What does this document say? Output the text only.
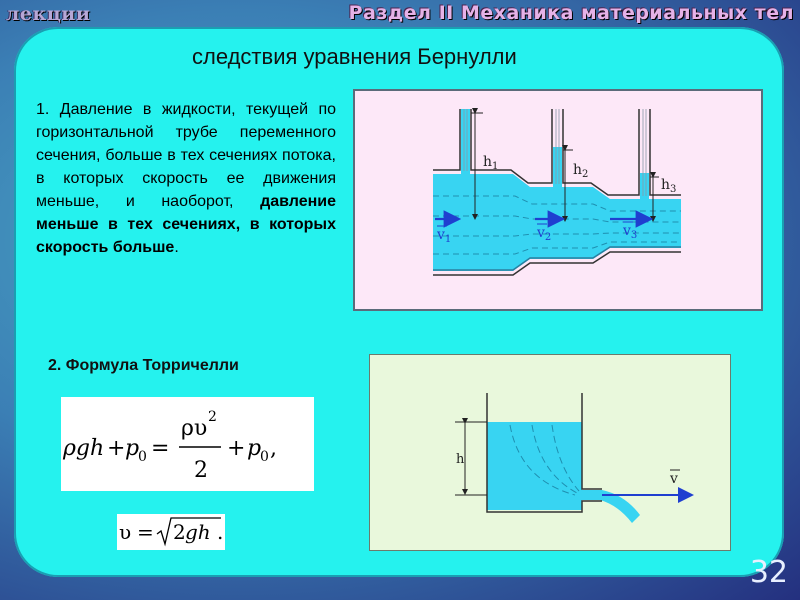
лекции	Раздел II Механика материальных тел
следствия уравнения Бернулли
1. Давление в жидкости, текущей по горизонтальной трубе переменного сечения, больше в тех сечениях потока, в которых скорость ее движения меньше, и наоборот, давление меньше в тех сечениях, в которых скорость больше.
$h_1$	$h_2$
$h_3$
$v_1$	$v_2$	$v_3$
h
v
2. Формула Торричелли
ρgh + p
0 =
ρυ 2
2
+ p
0 ,
υ = 2 gh .
32
